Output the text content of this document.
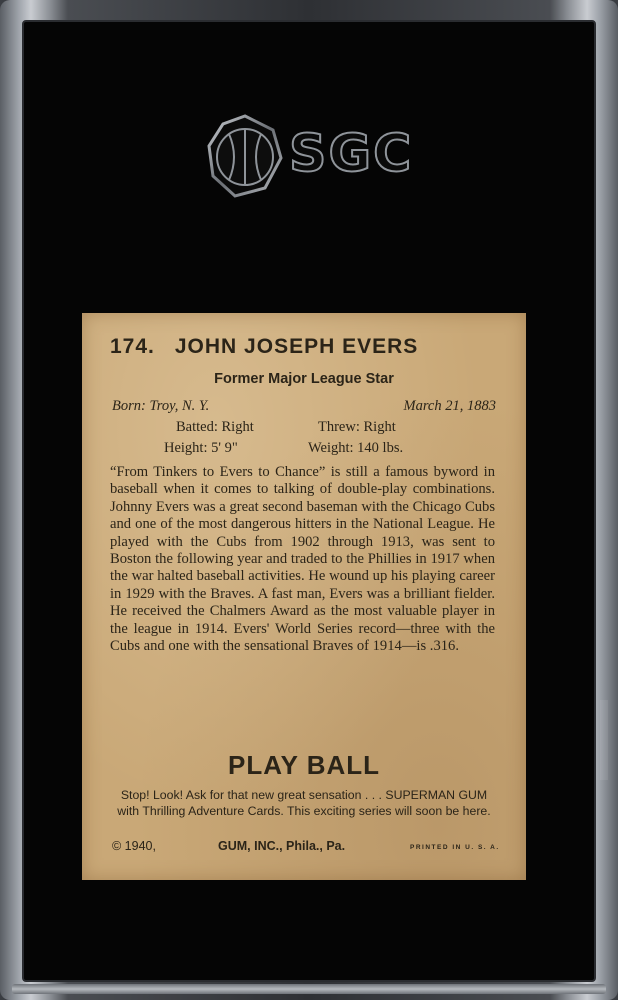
SGC
174. JOHN JOSEPH EVERS
Former Major League Star
Born: Troy, N. Y.	March 21, 1883
Batted: Right	Threw: Right
Height: 5' 9"	Weight: 140 lbs.

“From Tinkers to Evers to Chance” is still a famous byword in baseball when it comes to talking of double-play combinations. Johnny Evers was a great second baseman with the Chicago Cubs and one of the most dangerous hitters in the National League. He played with the Cubs from 1902 through 1913, was sent to Boston the following year and traded to the Phillies in 1917 when the war halted baseball activities. He wound up his playing career in 1929 with the Braves. A fast man, Evers was a brilliant fielder. He received the Chalmers Award as the most valuable player in the league in 1914. Evers' World Series record—three with the Cubs and one with the sensational Braves of 1914—is .316.

PLAY BALL
Stop! Look! Ask for that new great sensation . . . SUPERMAN GUM with Thrilling Adventure Cards. This exciting series will soon be here.
© 1940,	GUM, INC., Phila., Pa.	PRINTED IN U. S. A.
